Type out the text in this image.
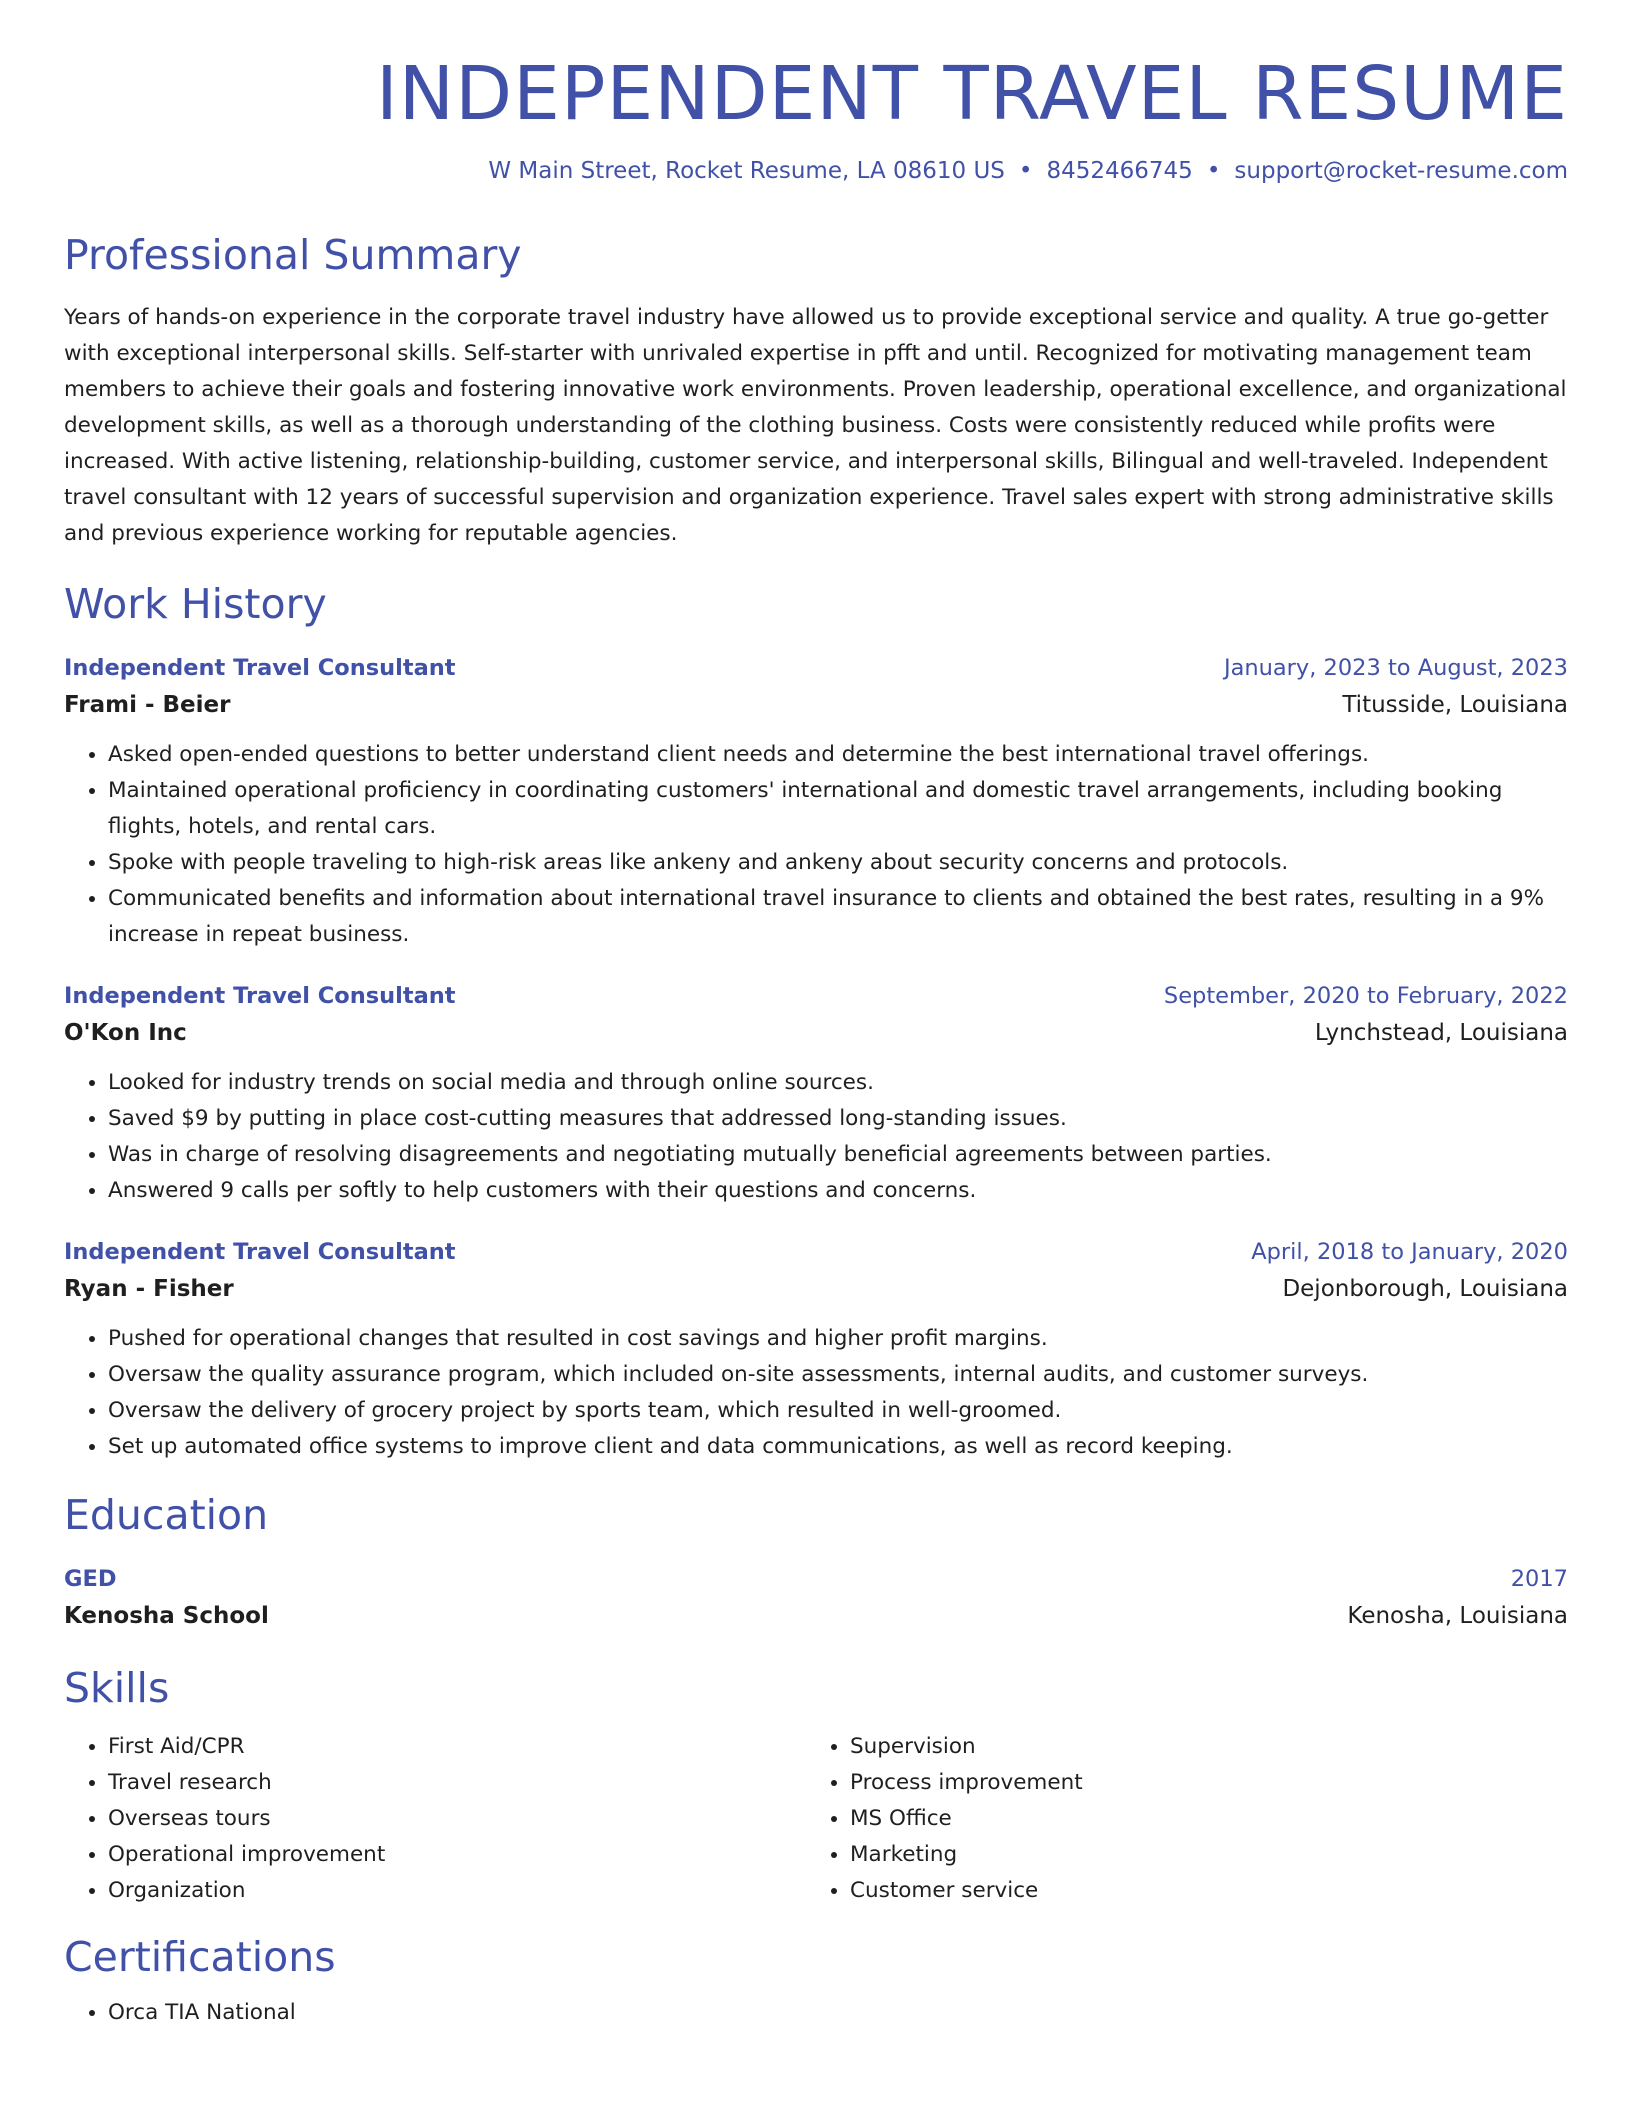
INDEPENDENT TRAVEL RESUME
W Main Street, Rocket Resume, LA 08610 US • 8452466745 • support@rocket-resume.com
Professional Summary

Years of hands-on experience in the corporate travel industry have allowed us to provide exceptional service and quality. A true go-getter with exceptional interpersonal skills. Self-starter with unrivaled expertise in pfft and until. Recognized for motivating management team members to achieve their goals and fostering innovative work environments. Proven leadership, operational excellence, and organizational development skills, as well as a thorough understanding of the clothing business. Costs were consistently reduced while profits were increased. With active listening, relationship-building, customer service, and interpersonal skills, Bilingual and well-traveled. Independent travel consultant with 12 years of successful supervision and organization experience. Travel sales expert with strong administrative skills and previous experience working for reputable agencies.

Work History
Independent Travel Consultant	January, 2023 to August, 2023
Frami - Beier	Titusside, Louisiana
• Asked open-ended questions to better understand client needs and determine the best international travel offerings.
• Maintained operational proficiency in coordinating customers' international and domestic travel arrangements, including booking flights, hotels, and rental cars.
• Spoke with people traveling to high-risk areas like ankeny and ankeny about security concerns and protocols.
• Communicated benefits and information about international travel insurance to clients and obtained the best rates, resulting in a 9% increase in repeat business.
Independent Travel Consultant	September, 2020 to February, 2022
O'Kon Inc	Lynchstead, Louisiana
• Looked for industry trends on social media and through online sources.
• Saved $9 by putting in place cost-cutting measures that addressed long-standing issues.
• Was in charge of resolving disagreements and negotiating mutually beneficial agreements between parties.
• Answered 9 calls per softly to help customers with their questions and concerns.
Independent Travel Consultant	April, 2018 to January, 2020
Ryan - Fisher	Dejonborough, Louisiana
• Pushed for operational changes that resulted in cost savings and higher profit margins.
• Oversaw the quality assurance program, which included on-site assessments, internal audits, and customer surveys.
• Oversaw the delivery of grocery project by sports team, which resulted in well-groomed.
• Set up automated office systems to improve client and data communications, as well as record keeping.
Education
GED	2017
Kenosha School	Kenosha, Louisiana
Skills
• First Aid/CPR
• Travel research
• Overseas tours
• Operational improvement
• Organization
• Supervision
• Process improvement
• MS Office
• Marketing
• Customer service
Certifications
• Orca TIA National
